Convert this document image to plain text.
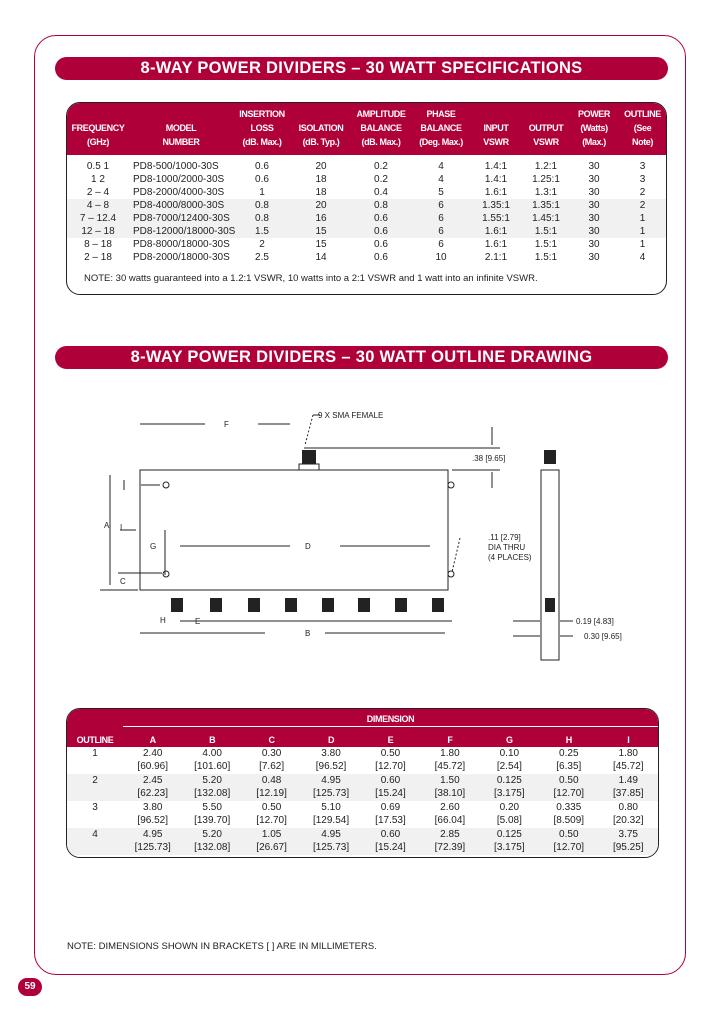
8-WAY POWER DIVIDERS – 30 WATT SPECIFICATIONS
		INSERTION		AMPLITUDE	PHASE			POWER	OUTLINE
FREQUENCY	MODEL	LOSS	ISOLATION	BALANCE	BALANCE	INPUT	OUTPUT	(Watts)	(See
(GHz)	NUMBER	(dB. Max.)	(dB. Typ.)	(dB. Max.)	(Deg. Max.)	VSWR	VSWR	(Max.)	Note)
0.5 1	PD8-500/1000-30S	0.6	20	0.2	4	1.4:1	1.2:1	30	3
1 2	PD8-1000/2000-30S	0.6	18	0.2	4	1.4:1	1.25:1	30	3
2 – 4	PD8-2000/4000-30S	1	18	0.4	5	1.6:1	1.3:1	30	2
4 – 8	PD8-4000/8000-30S	0.8	20	0.8	6	1.35:1	1.35:1	30	2
7 – 12.4	PD8-7000/12400-30S	0.8	16	0.6	6	1.55:1	1.45:1	30	1
12 – 18	PD8-12000/18000-30S	1.5	15	0.6	6	1.6:1	1.5:1	30	1
8 – 18	PD8-8000/18000-30S	2	15	0.6	6	1.6:1	1.5:1	30	1
2 – 18	PD8-2000/18000-30S	2.5	14	0.6	10	2.1:1	1.5:1	30	4
NOTE: 30 watts guaranteed into a 1.2:1 VSWR, 10 watts into a 2:1 VSWR and 1 watt into an infinite VSWR.
8-WAY POWER DIVIDERS – 30 WATT OUTLINE DRAWING
9 X SMA FEMALE
.38 [9.65]
F
A I
G	D
C
H	E
B
.11 [2.79]
DIA THRU
(4 PLACES)
0.19 [4.83]
0.30 [9.65]
	DIMENSION								
OUTLINE	A	B	C	D	E	F	G	H	I
1	2.40	4.00	0.30	3.80	0.50	1.80	0.10	0.25	1.80
	[60.96]	[101.60]	[7.62]	[96.52]	[12.70]	[45.72]	[2.54]	[6.35]	[45.72]
2	2.45	5.20	0.48	4.95	0.60	1.50	0.125	0.50	1.49
	[62.23]	[132.08]	[12.19]	[125.73]	[15.24]	[38.10]	[3.175]	[12.70]	[37.85]
3	3.80	5.50	0.50	5.10	0.69	2.60	0.20	0.335	0.80
	[96.52]	[139.70]	[12.70]	[129.54]	[17.53]	[66.04]	[5.08]	[8.509]	[20.32]
4	4.95	5.20	1.05	4.95	0.60	2.85	0.125	0.50	3.75
	[125.73]	[132.08]	[26.67]	[125.73]	[15.24]	[72.39]	[3.175]	[12.70]	[95.25]
NOTE: DIMENSIONS SHOWN IN BRACKETS [ ] ARE IN MILLIMETERS.
59
